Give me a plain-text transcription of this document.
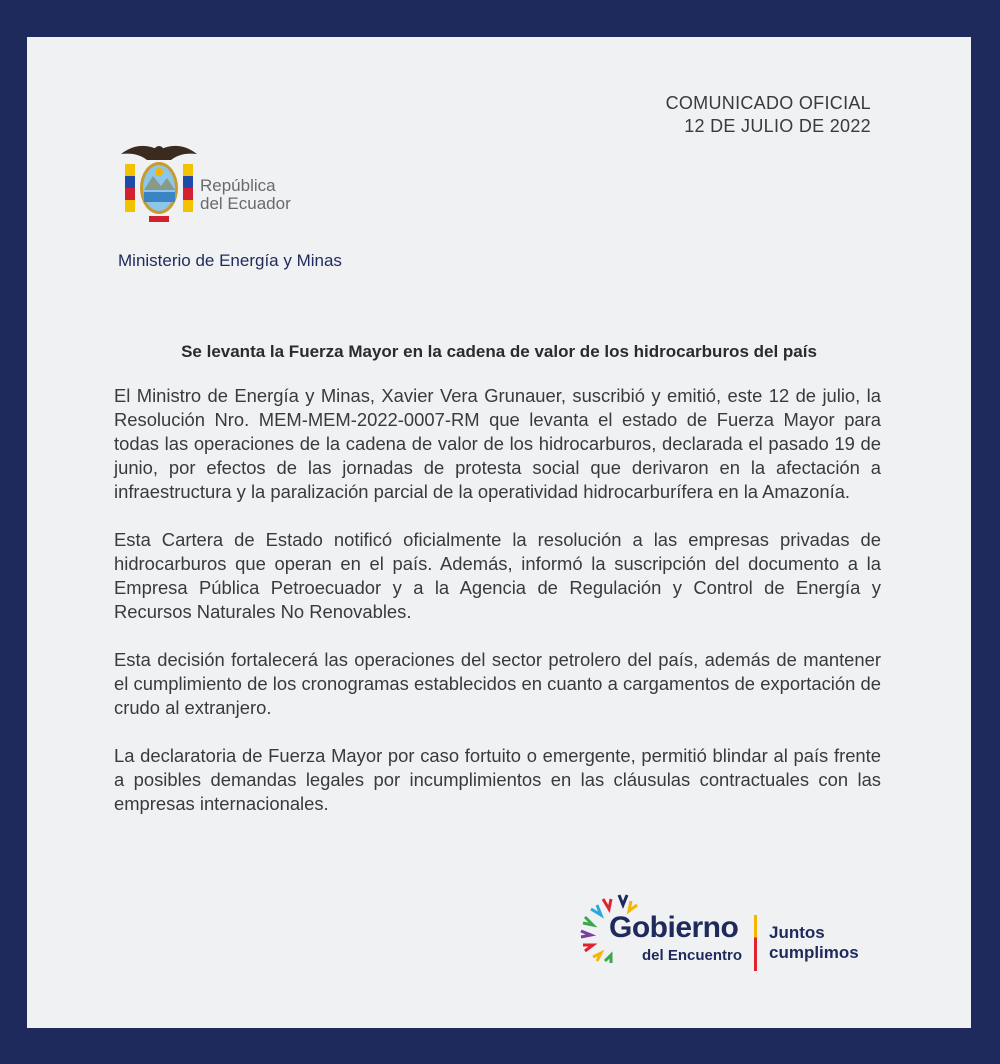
COMUNICADO OFICIAL
12 DE JULIO DE 2022
República
del Ecuador
Ministerio de Energía y Minas
Se levanta la Fuerza Mayor en la cadena de valor de los hidrocarburos del país

El Ministro de Energía y Minas, Xavier Vera Grunauer, suscribió y emitió, este 12 de julio, la Resolución Nro. MEM-MEM-2022-0007-RM que levanta el estado de Fuerza Mayor para todas las operaciones de la cadena de valor de los hidrocarburos, declarada el pasado 19 de junio, por efectos de las jornadas de protesta social que derivaron en la afectación a infraestructura y la paralización parcial de la operatividad hidrocarburífera en la Amazonía.

Esta Cartera de Estado notificó oficialmente la resolución a las empresas privadas de hidrocarburos que operan en el país. Además, informó la suscripción del documento a la Empresa Pública Petroecuador y a la Agencia de Regulación y Control de Energía y Recursos Naturales No Renovables.

Esta decisión fortalecerá las operaciones del sector petrolero del país, además de mantener el cumplimiento de los cronogramas establecidos en cuanto a cargamentos de exportación de crudo al extranjero.

La declaratoria de Fuerza Mayor por caso fortuito o emergente, permitió blindar al país frente a posibles demandas legales por incumplimientos en las cláusulas contractuales con las empresas internacionales.

Gobierno
del Encuentro
Juntos
cumplimos
